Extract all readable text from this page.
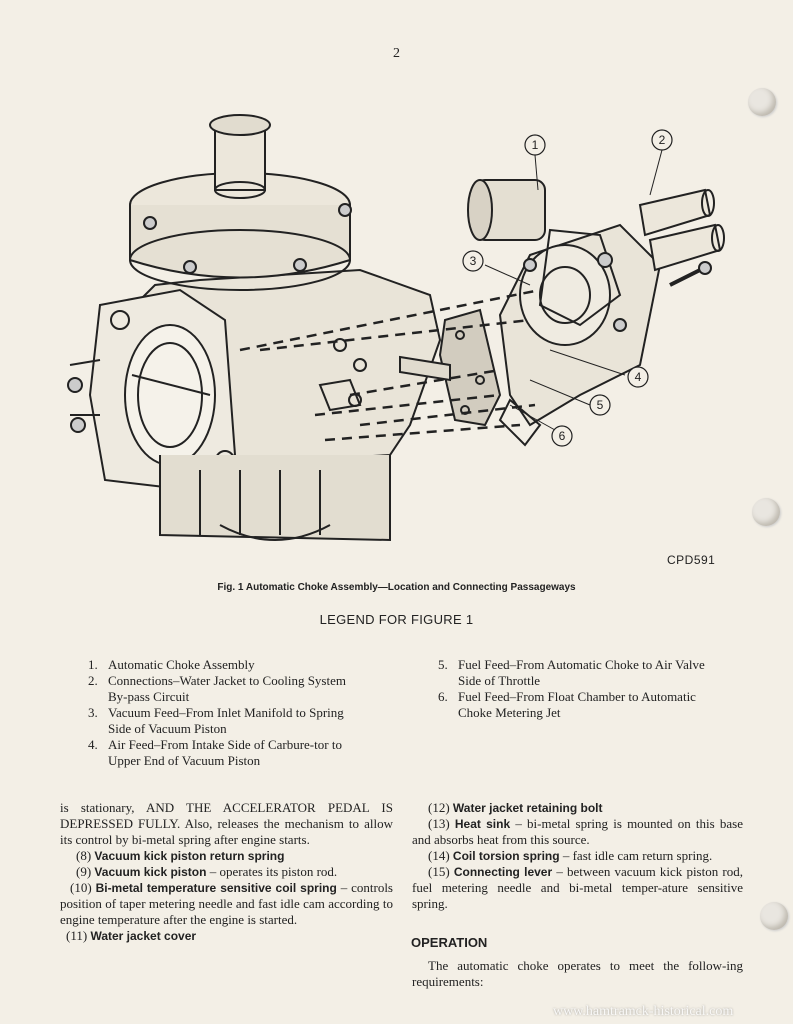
2
1	2
3
4
5
6
CPD591
Fig. 1 Automatic Choke Assembly—Location and Connecting Passageways
LEGEND FOR FIGURE 1
1. Automatic Choke Assembly
2. Connections–Water Jacket to Cooling System By-pass Circuit
3. Vacuum Feed–From Inlet Manifold to Spring Side of Vacuum Piston
4. Air Feed–From Intake Side of Carbure-tor to Upper End of Vacuum Piston
5. Fuel Feed–From Automatic Choke to Air Valve Side of Throttle
6. Fuel Feed–From Float Chamber to Automatic Choke Metering Jet
is stationary, AND THE ACCELERATOR PEDAL IS DEPRESSED FULLY. Also, releases the mechanism to allow its control by bi-metal spring after engine starts.
(8) Vacuum kick piston return spring
(9) Vacuum kick piston – operates its piston rod.
(10) Bi-metal temperature sensitive coil spring – controls position of taper metering needle and fast idle cam according to engine temperature after the engine is started.
(11) Water jacket cover
(12) Water jacket retaining bolt
(13) Heat sink – bi-metal spring is mounted on this base and absorbs heat from this source.
(14) Coil torsion spring – fast idle cam return spring.
(15) Connecting lever – between vacuum kick piston rod, fuel metering needle and bi-metal temper-ature sensitive spring.
OPERATION
The automatic choke operates to meet the follow-ing requirements:
www.hamtramck-historical.com
